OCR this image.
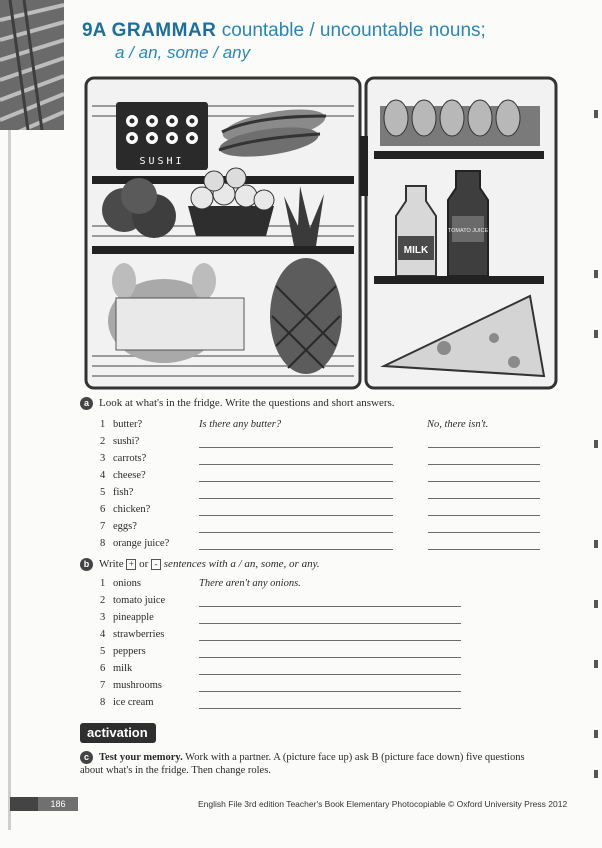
9A GRAMMAR countable / uncountable nouns;
a / an, some / any
SUSHI
MILK
TOMATO JUICE
a Look at what's in the fridge. Write the questions and short answers.
1 butter?	Is there any butter?	No, there isn't.
2 sushi?
3 carrots?
4 cheese?
5 fish?
6 chicken?
7 eggs?
8 orange juice?
b Write + or - sentences with a / an, some, or any.
1 onions	There aren't any onions.
2 tomato juice
3 pineapple
4 strawberries
5 peppers
6 milk
7 mushrooms
8 ice cream
activation
c Test your memory. Work with a partner. A (picture face up) ask B (picture face down) five questions about what's in the fridge. Then change roles.
186	English File 3rd edition Teacher's Book Elementary Photocopiable © Oxford University Press 2012
